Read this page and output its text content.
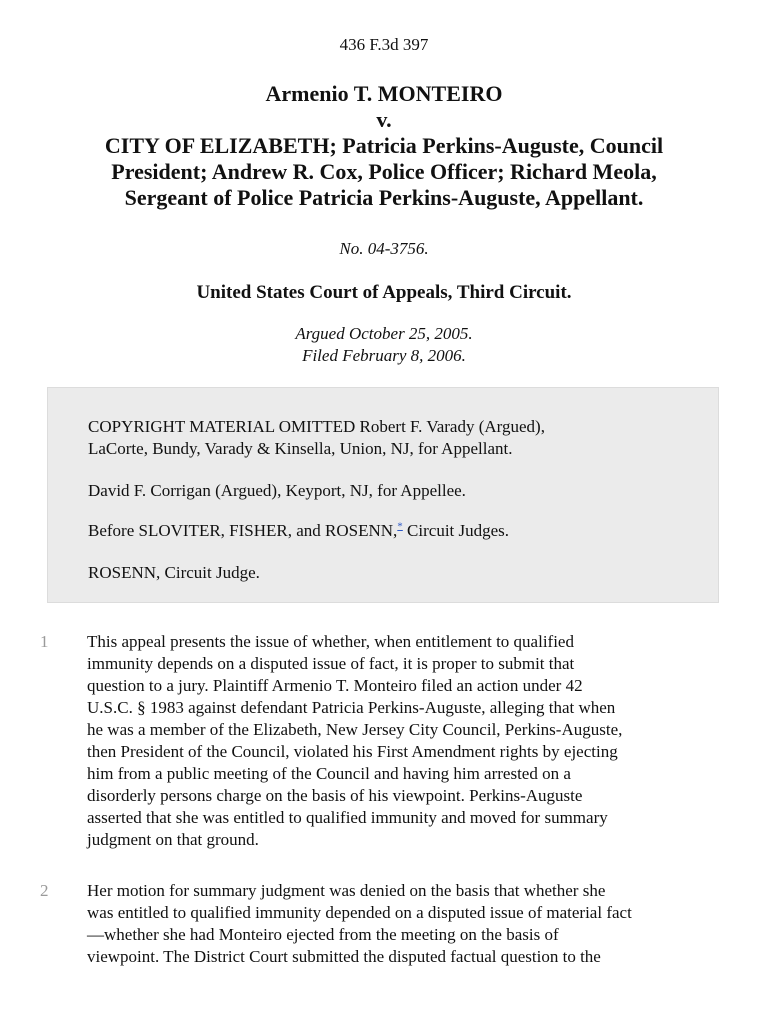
436 F.3d 397
Armenio T. MONTEIRO
v.
CITY OF ELIZABETH; Patricia Perkins-Auguste, Council
President; Andrew R. Cox, Police Officer; Richard Meola,
Sergeant of Police Patricia Perkins-Auguste, Appellant.
No. 04-3756.
United States Court of Appeals, Third Circuit.
Argued October 25, 2005.
Filed February 8, 2006.

COPYRIGHT MATERIAL OMITTED Robert F. Varady (Argued),
LaCorte, Bundy, Varady & Kinsella, Union, NJ, for Appellant.

David F. Corrigan (Argued), Keyport, NJ, for Appellee.

Before SLOVITER, FISHER, and ROSENN,* Circuit Judges.

ROSENN, Circuit Judge.

1	This appeal presents the issue of whether, when entitlement to qualified
immunity depends on a disputed issue of fact, it is proper to submit that
question to a jury. Plaintiff Armenio T. Monteiro filed an action under 42
U.S.C. § 1983 against defendant Patricia Perkins-Auguste, alleging that when
he was a member of the Elizabeth, New Jersey City Council, Perkins-Auguste,
then President of the Council, violated his First Amendment rights by ejecting
him from a public meeting of the Council and having him arrested on a
disorderly persons charge on the basis of his viewpoint. Perkins-Auguste
asserted that she was entitled to qualified immunity and moved for summary
judgment on that ground.

2	Her motion for summary judgment was denied on the basis that whether she
was entitled to qualified immunity depended on a disputed issue of material fact
—whether she had Monteiro ejected from the meeting on the basis of
viewpoint. The District Court submitted the disputed factual question to the
